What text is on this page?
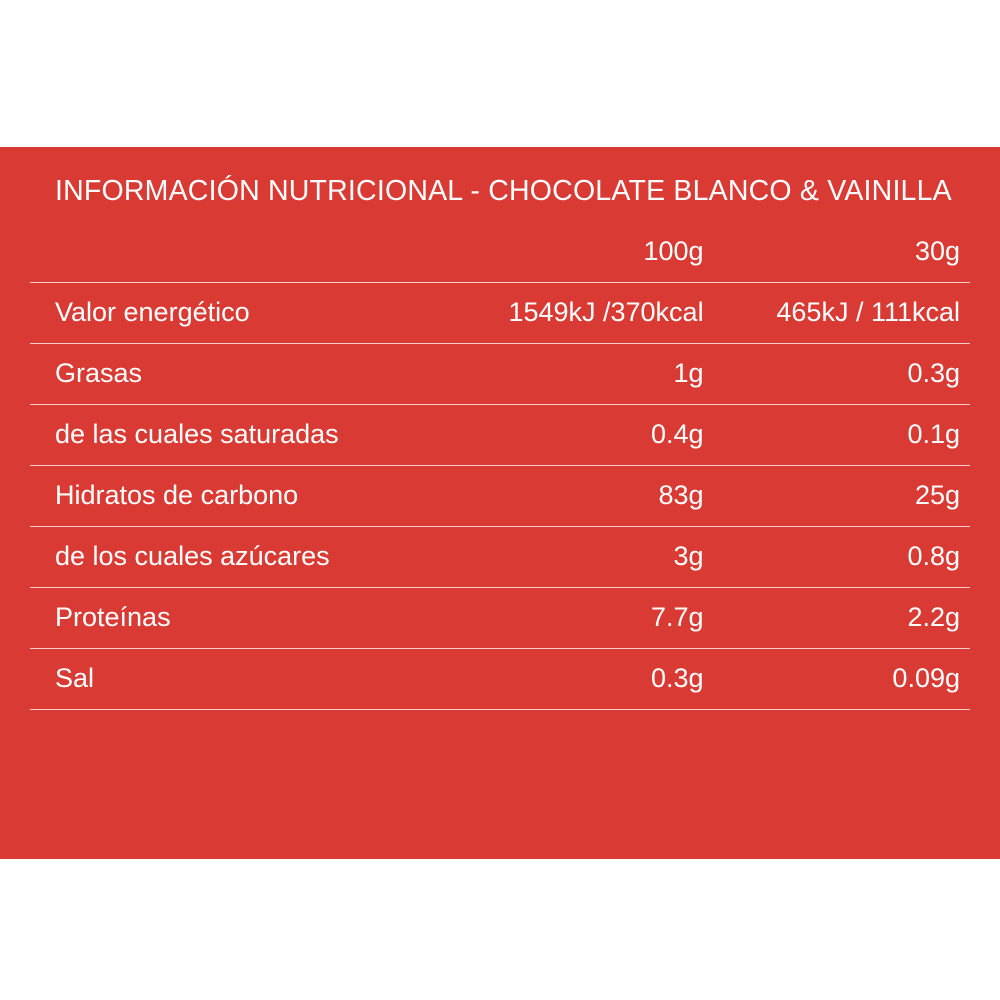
INFORMACIÓN NUTRICIONAL - CHOCOLATE BLANCO & VAINILLA
	100g	30g
Valor energético	1549kJ /370kcal	465kJ / 111kcal
Grasas	1g	0.3g
de las cuales saturadas	0.4g	0.1g
Hidratos de carbono	83g	25g
de los cuales azúcares	3g	0.8g
Proteínas	7.7g	2.2g
Sal	0.3g	0.09g
